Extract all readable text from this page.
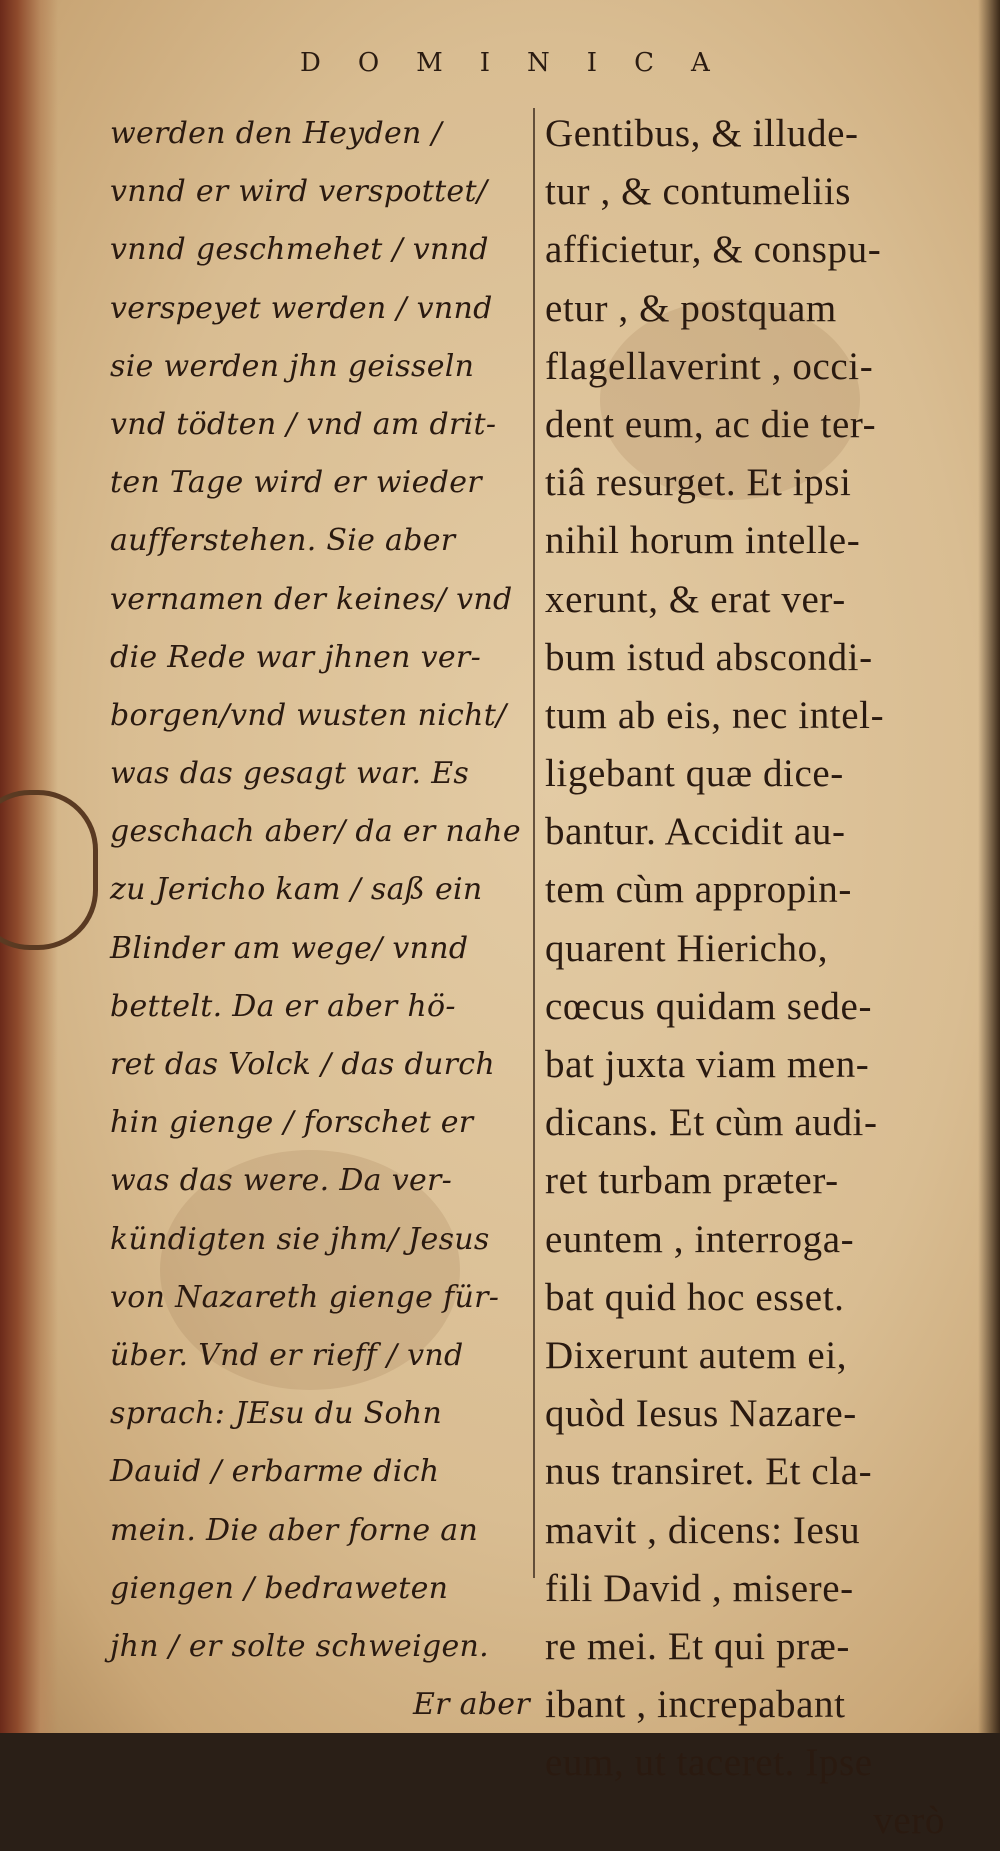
DOMINICA
werden den Heyden /
vnnd er wird verspottet/
vnnd geschmehet / vnnd
verspeyet werden / vnnd
sie werden jhn geisseln
vnd tödten / vnd am drit-
ten Tage wird er wieder
aufferstehen. Sie aber
vernamen der keines/ vnd
die Rede war jhnen ver-
borgen/vnd wusten nicht/
was das gesagt war. Es
geschach aber/ da er nahe
zu Jericho kam / saß ein
Blinder am wege/ vnnd
bettelt. Da er aber hö-
ret das Volck / das durch
hin gienge / forschet er
was das were. Da ver-
kündigten sie jhm/ Jesus
von Nazareth gienge für-
über. Vnd er rieff / vnd
sprach: JEsu du Sohn
Dauid / erbarme dich
mein. Die aber forne an
giengen / bedraweten
jhn / er solte schweigen.
Er aber
Gentibus, & illude-
tur , & contumeliis
afficietur, & conspu-
etur , & postquam
flagellaverint , occi-
dent eum, ac die ter-
tiâ resurget. Et ipsi
nihil horum intelle-
xerunt, & erat ver-
bum istud abscondi-
tum ab eis, nec intel-
ligebant quæ dice-
bantur. Accidit au-
tem cùm appropin-
quarent Hiericho,
cœcus quidam sede-
bat juxta viam men-
dicans. Et cùm audi-
ret turbam præter-
euntem , interroga-
bat quid hoc esset.
Dixerunt autem ei,
quòd Iesus Nazare-
nus transiret. Et cla-
mavit , dicens: Iesu
fili David , misere-
re mei. Et qui præ-
ibant , increpabant
eum, ut taceret. Ipse
verò
